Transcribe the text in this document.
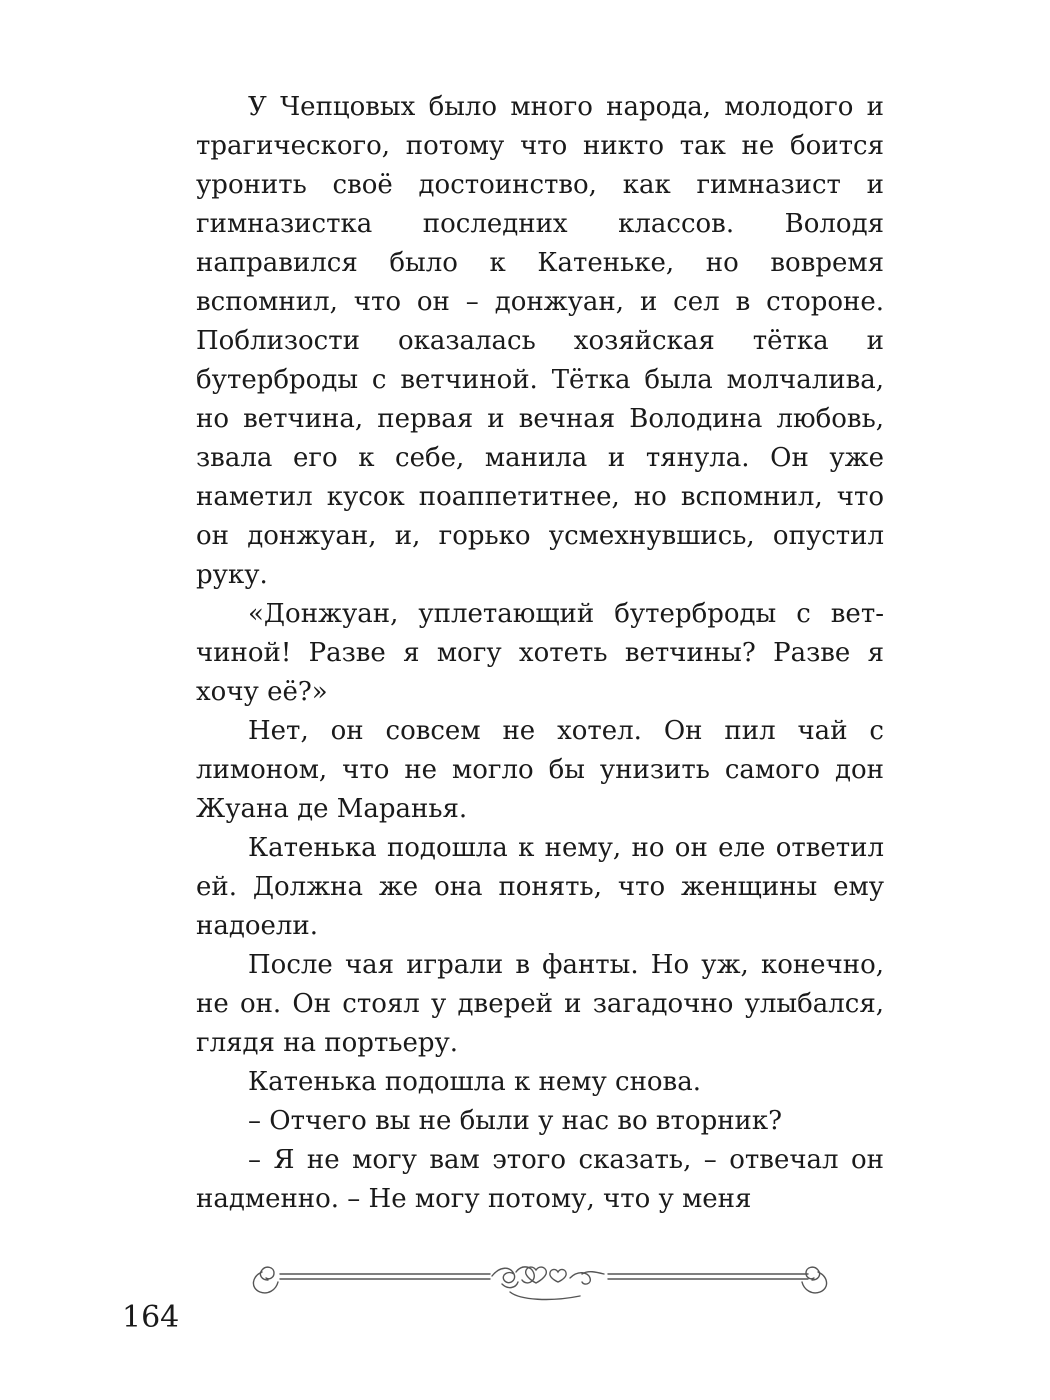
У Чепцовых было много народа, молодого и трагического, потому что никто так не боится уронить своё достоинство, как гимназист и гимназистка последних классов. Володя направился было к Катеньке, но вовремя вспомнил, что он – донжуан, и сел в стороне. Поблизости оказалась хозяйская тётка и бутерброды с ветчиной. Тётка была молчалива, но ветчина, первая и вечная Володина любовь, звала его к себе, манила и тянула. Он уже наметил кусок поаппетитнее, но вспомнил, что он донжуан, и, горько усмехнувшись, опустил руку.

«Донжуан, уплетающий бутерброды с ветчиной! Разве я могу хотеть ветчины? Разве я хочу её?»

Нет, он совсем не хотел. Он пил чай с лимоном, что не могло бы унизить самого дон Жуана де Маранья.

Катенька подошла к нему, но он еле ответил ей. Должна же она понять, что женщины ему надоели.

После чая играли в фанты. Но уж, конечно, не он. Он стоял у дверей и загадочно улыбался, глядя на портьеру.

Катенька подошла к нему снова.

– Отчего вы не были у нас во вторник?

– Я не могу вам этого сказать, – отвечал он надменно. – Не могу потому, что у меня

164
